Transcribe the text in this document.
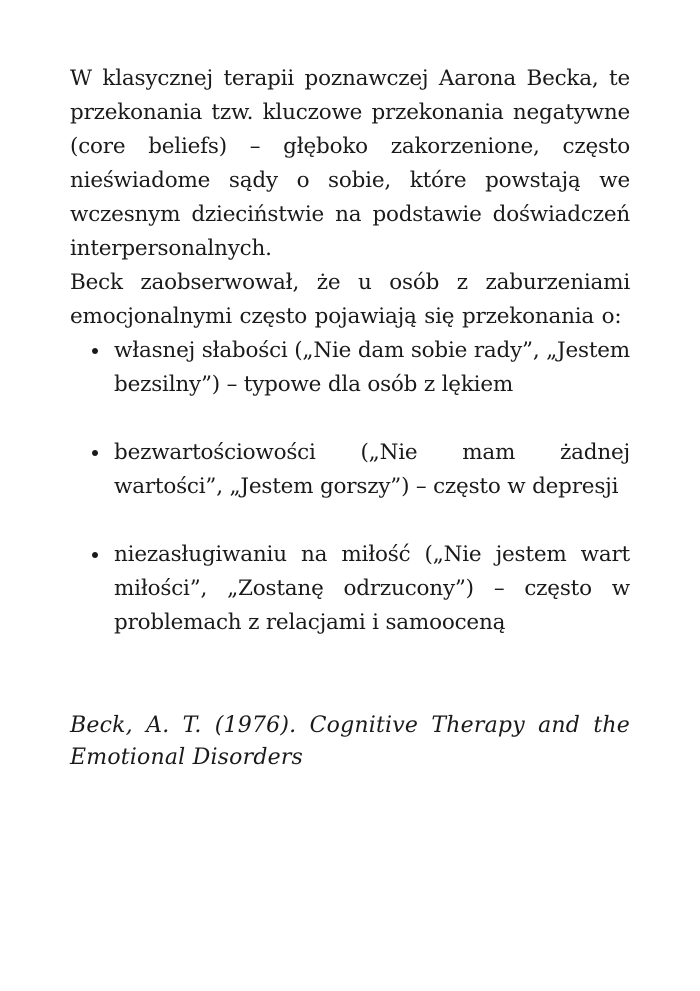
W klasycznej terapii poznawczej Aarona Becka, te przekonania tzw. kluczowe przekonania negatywne (core beliefs) – głęboko zakorzenione, często nieświadome sądy o sobie, które powstają we wczesnym dzieciństwie na podstawie doświadczeń interpersonalnych.

Beck zaobserwował, że u osób z zaburzeniami emocjonalnymi często pojawiają się przekonania o:

własnej słabości („Nie dam sobie rady”, „Jestem bezsilny”) – typowe dla osób z lękiem
bezwartościowości („Nie mam żadnej wartości”, „Jestem gorszy”) – często w depresji
niezasługiwaniu na miłość („Nie jestem wart miłości”, „Zostanę odrzucony”) – często w problemach z relacjami i samooceną

Beck, A. T. (1976). Cognitive Therapy and the Emotional Disorders
